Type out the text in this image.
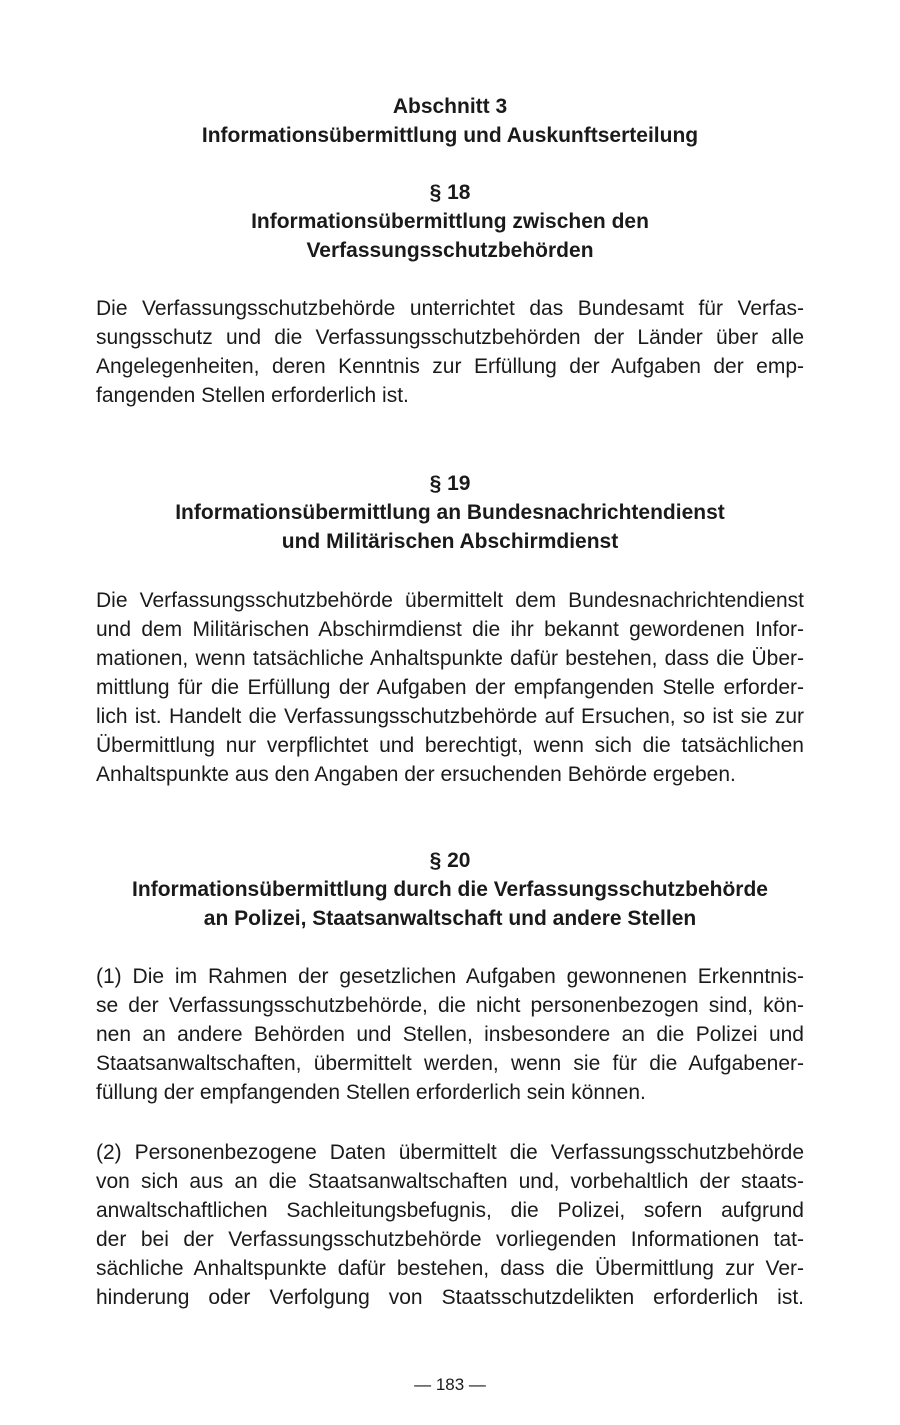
Abschnitt 3
Informationsübermittlung und Auskunftserteilung
§ 18
Informationsübermittlung zwischen den
Verfassungsschutzbehörden
Die Verfassungsschutzbehörde unterrichtet das Bundesamt für Verfas-
sungsschutz und die Verfassungsschutzbehörden der Länder über alle
Angelegenheiten, deren Kenntnis zur Erfüllung der Aufgaben der emp-
fangenden Stellen erforderlich ist.
§ 19
Informationsübermittlung an Bundesnachrichtendienst
und Militärischen Abschirmdienst
Die Verfassungsschutzbehörde übermittelt dem Bundesnachrichtendienst
und dem Militärischen Abschirmdienst die ihr bekannt gewordenen Infor-
mationen, wenn tatsächliche Anhaltspunkte dafür bestehen, dass die Über-
mittlung für die Erfüllung der Aufgaben der empfangenden Stelle erforder-
lich ist. Handelt die Verfassungsschutzbehörde auf Ersuchen, so ist sie zur
Übermittlung nur verpflichtet und berechtigt, wenn sich die tatsächlichen
Anhaltspunkte aus den Angaben der ersuchenden Behörde ergeben.
§ 20
Informationsübermittlung durch die Verfassungsschutzbehörde
an Polizei, Staatsanwaltschaft und andere Stellen
(1) Die im Rahmen der gesetzlichen Aufgaben gewonnenen Erkenntnis-
se der Verfassungsschutzbehörde, die nicht personenbezogen sind, kön-
nen an andere Behörden und Stellen, insbesondere an die Polizei und
Staatsanwaltschaften, übermittelt werden, wenn sie für die Aufgabener-
füllung der empfangenden Stellen erforderlich sein können.
(2) Personenbezogene Daten übermittelt die Verfassungsschutzbehörde
von sich aus an die Staatsanwaltschaften und, vorbehaltlich der staats-
anwaltschaftlichen Sachleitungsbefugnis, die Polizei, sofern aufgrund
der bei der Verfassungsschutzbehörde vorliegenden Informationen tat-
sächliche Anhaltspunkte dafür bestehen, dass die Übermittlung zur Ver-
hinderung oder Verfolgung von Staatsschutzdelikten erforderlich ist.
— 183 —
